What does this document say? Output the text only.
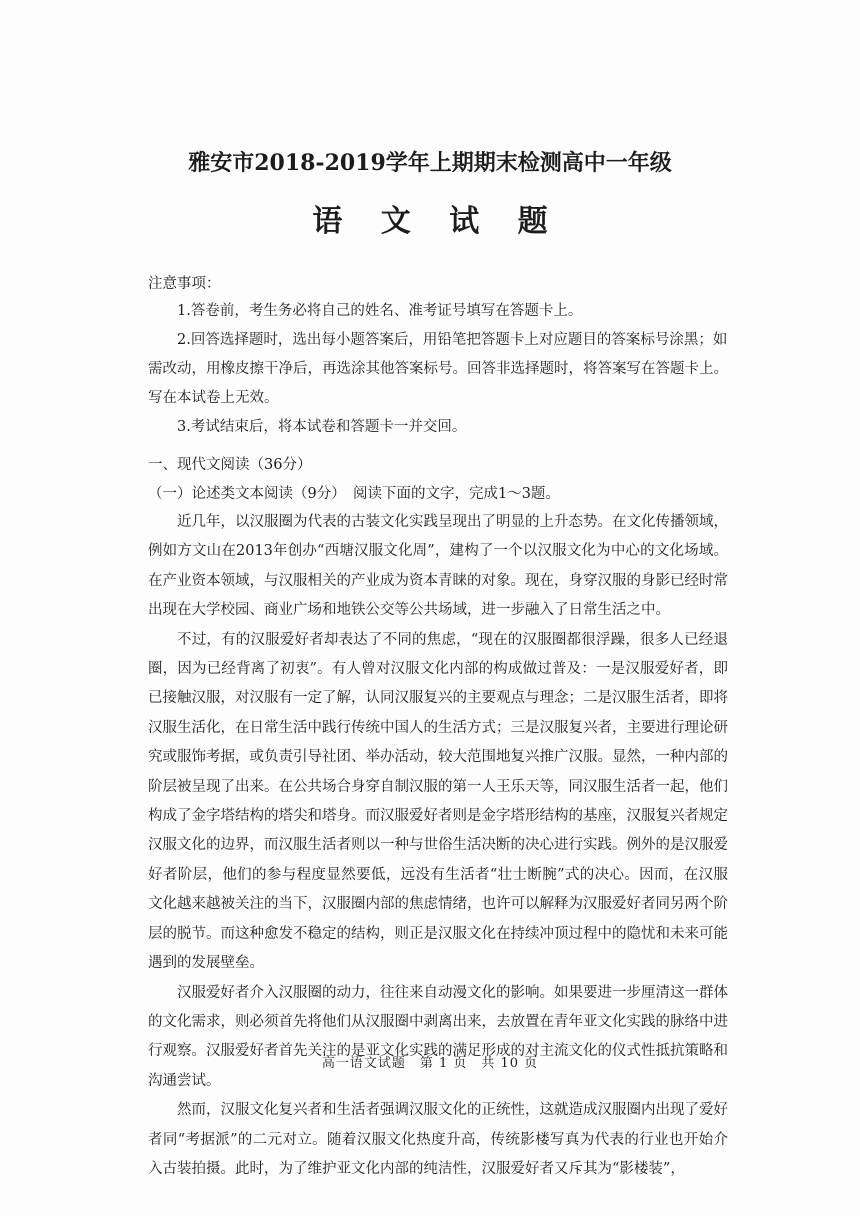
雅安市2018-2019学年上期期末检测高中一年级
语 文 试 题
注意事项：

1.答卷前，考生务必将自己的姓名、准考证号填写在答题卡上。

2.回答选择题时，选出每小题答案后，用铅笔把答题卡上对应题目的答案标号涂黑；如需改动，用橡皮擦干净后，再选涂其他答案标号。回答非选择题时，将答案写在答题卡上。写在本试卷上无效。

3.考试结束后，将本试卷和答题卡一并交回。

一、现代文阅读（36分）
（一）论述类文本阅读（9分）　阅读下面的文字，完成1～3题。

近几年，以汉服圈为代表的古装文化实践呈现出了明显的上升态势。在文化传播领域，例如方文山在2013年创办“西塘汉服文化周”，建构了一个以汉服文化为中心的文化场域。在产业资本领域，与汉服相关的产业成为资本青睐的对象。现在，身穿汉服的身影已经时常出现在大学校园、商业广场和地铁公交等公共场域，进一步融入了日常生活之中。

不过，有的汉服爱好者却表达了不同的焦虑，“现在的汉服圈都很浮躁，很多人已经退圈，因为已经背离了初衷”。有人曾对汉服文化内部的构成做过普及：一是汉服爱好者，即已接触汉服，对汉服有一定了解，认同汉服复兴的主要观点与理念；二是汉服生活者，即将汉服生活化，在日常生活中践行传统中国人的生活方式；三是汉服复兴者，主要进行理论研究或服饰考据，或负责引导社团、举办活动，较大范围地复兴推广汉服。显然，一种内部的阶层被呈现了出来。在公共场合身穿自制汉服的第一人王乐天等，同汉服生活者一起，他们构成了金字塔结构的塔尖和塔身。而汉服爱好者则是金字塔形结构的基座，汉服复兴者规定汉服文化的边界，而汉服生活者则以一种与世俗生活决断的决心进行实践。例外的是汉服爱好者阶层，他们的参与程度显然要低，远没有生活者“壮士断腕”式的决心。因而，在汉服文化越来越被关注的当下，汉服圈内部的焦虑情绪，也许可以解释为汉服爱好者同另两个阶层的脱节。而这种愈发不稳定的结构，则正是汉服文化在持续冲顶过程中的隐忧和未来可能遇到的发展壁垒。

汉服爱好者介入汉服圈的动力，往往来自动漫文化的影响。如果要进一步厘清这一群体的文化需求，则必须首先将他们从汉服圈中剥离出来，去放置在青年亚文化实践的脉络中进行观察。汉服爱好者首先关注的是亚文化实践的满足形成的对主流文化的仪式性抵抗策略和沟通尝试。

然而，汉服文化复兴者和生活者强调汉服文化的正统性，这就造成汉服圈内出现了爱好者同“考据派”的二元对立。随着汉服文化热度升高，传统影楼写真为代表的行业也开始介入古装拍摄。此时，为了维护亚文化内部的纯洁性，汉服爱好者又斥其为“影楼装”，

高一语文试题　第 1 页　共 10 页
